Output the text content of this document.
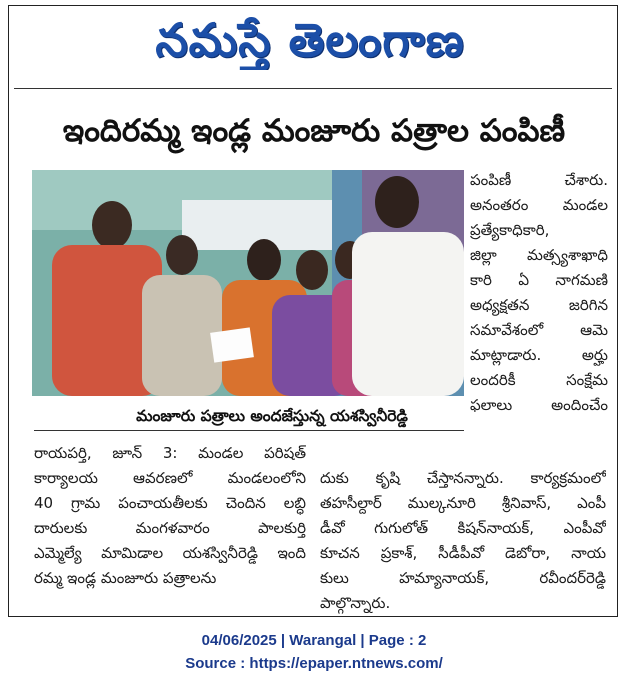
నమస్తే తెలంగాణ
ఇందిరమ్మ ఇండ్ల మంజూరు పత్రాల పంపిణీ
మంజూరు పత్రాలు అందజేస్తున్న యశస్వినీరెడ్డి
పంపిణీ చేశారు.
అనంతరం మండల
ప్రత్యేకాధికారి,
జిల్లా మత్స్యశాఖాధి
కారి ఏ నాగమణి
అధ్యక్షతన జరిగిన
సమావేశంలో ఆమె
మాట్లాడారు. అర్హు
లందరికీ సంక్షేమ
ఫలాలు అందించేం
రాయపర్తి, జూన్ 3: మండల పరిషత్
కార్యాలయ ఆవరణలో మండలంలోని
40 గ్రామ పంచాయతీలకు చెందిన లబ్ధి
దారులకు మంగళవారం పాలకుర్తి
ఎమ్మెల్యే మామిడాల యశస్వినీరెడ్డి ఇంది
రమ్మ ఇండ్ల మంజూరు పత్రాలను
దుకు కృషి చేస్తానన్నారు. కార్యక్రమంలో
తహసీల్దార్ ముల్కనూరి శ్రీనివాస్, ఎంపీ
డీవో గుగులోత్ కిషన్‌నాయక్, ఎంపీవో
కూచన ప్రకాశ్, సీడీపీవో డెబోరా, నాయ
కులు హమ్యానాయక్, రవీందర్‌రెడ్డి
పాల్గొన్నారు.
04/06/2025 | Warangal | Page : 2
Source : https://epaper.ntnews.com/
